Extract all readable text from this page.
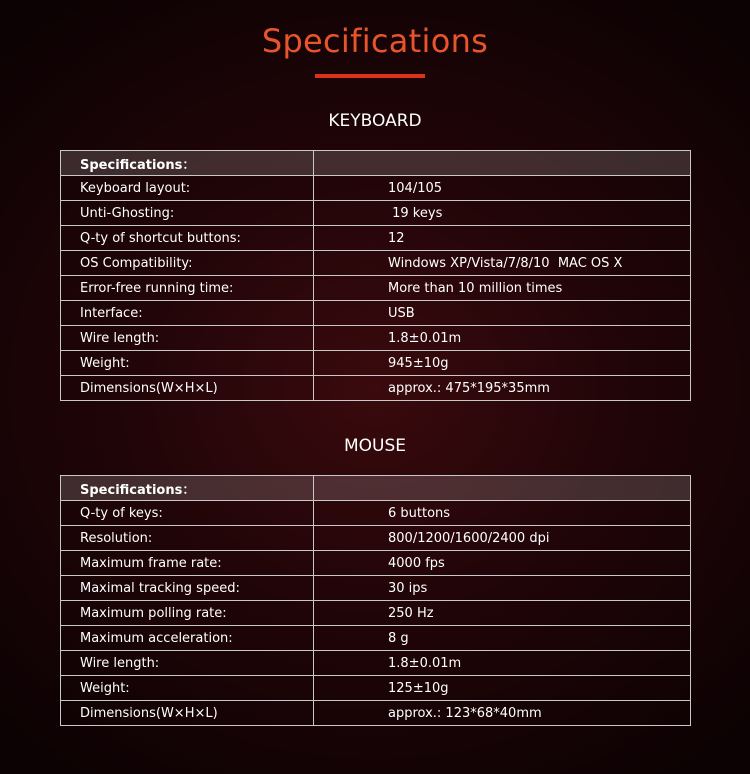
Specifications
KEYBOARD
Specifications：	
Keyboard layout:	104/105
Unti-Ghosting:	19 keys
Q-ty of shortcut buttons:	12
OS Compatibility:	Windows XP/Vista/7/8/10  MAC OS X
Error-free running time:	More than 10 million times
Interface:	USB
Wire length:	1.8±0.01m
Weight:	945±10g
Dimensions(W×H×L)	approx.: 475*195*35mm
MOUSE
Specifications：	
Q-ty of keys:	6 buttons
Resolution:	800/1200/1600/2400 dpi
Maximum frame rate:	4000 fps
Maximal tracking speed:	30 ips
Maximum polling rate:	250 Hz
Maximum acceleration:	8 g
Wire length:	1.8±0.01m
Weight:	125±10g
Dimensions(W×H×L)	approx.: 123*68*40mm
